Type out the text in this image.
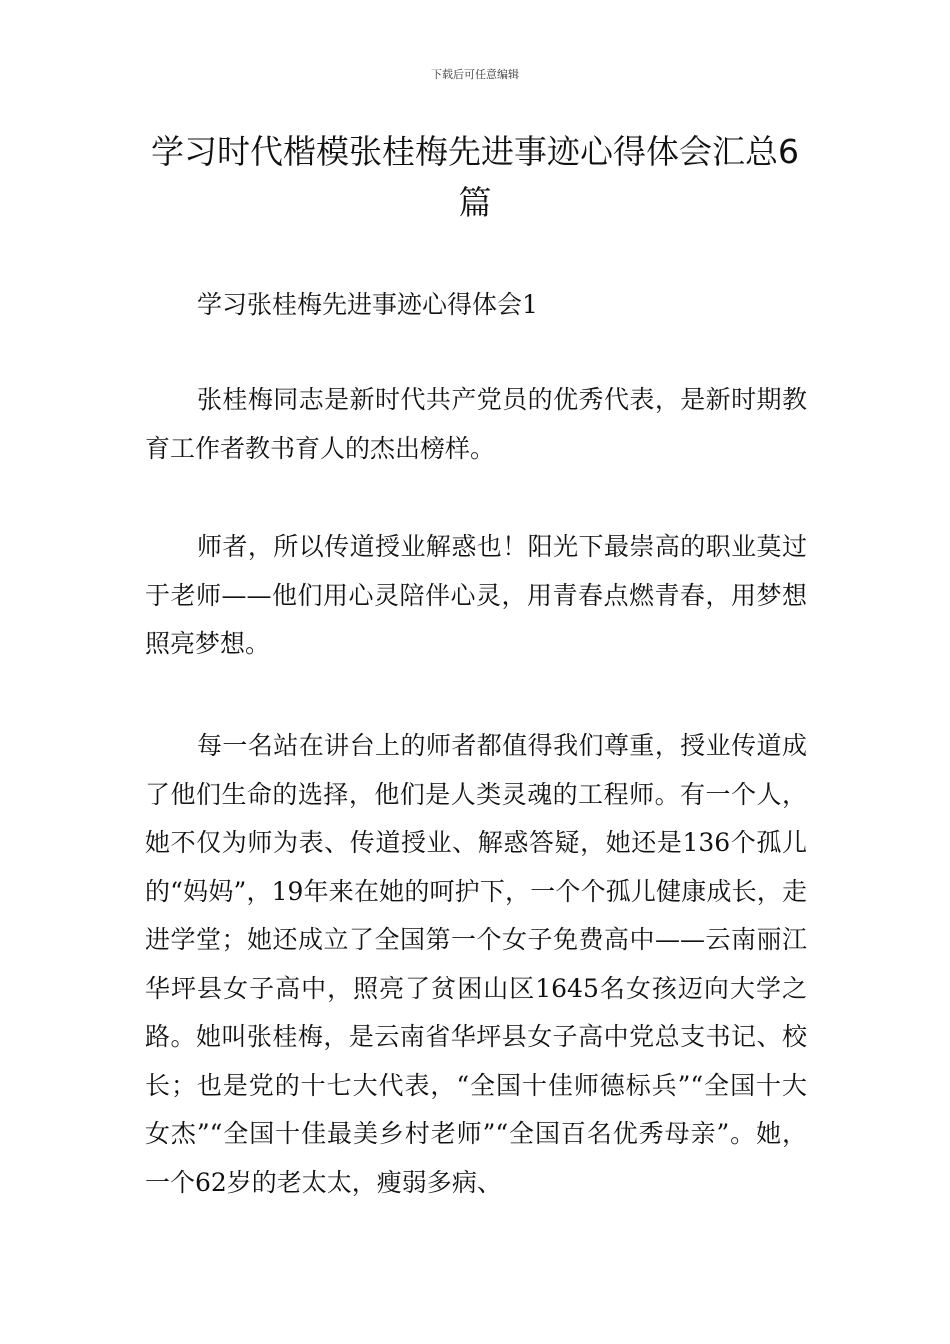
下载后可任意编辑
学习时代楷模张桂梅先进事迹心得体会汇总6篇

学习张桂梅先进事迹心得体会1

张桂梅同志是新时代共产党员的优秀代表，是新时期教育工作者教书育人的杰出榜样。

师者，所以传道授业解惑也！阳光下最崇高的职业莫过于老师——他们用心灵陪伴心灵，用青春点燃青春，用梦想照亮梦想。

每一名站在讲台上的师者都值得我们尊重，授业传道成了他们生命的选择，他们是人类灵魂的工程师。有一个人，她不仅为师为表、传道授业、解惑答疑，她还是136个孤儿的“妈妈”，19年来在她的呵护下，一个个孤儿健康成长，走进学堂；她还成立了全国第一个女子免费高中——云南丽江华坪县女子高中，照亮了贫困山区1645名女孩迈向大学之路。她叫张桂梅，是云南省华坪县女子高中党总支书记、校长；也是党的十七大代表，“全国十佳师德标兵”“全国十大女杰”“全国十佳最美乡村老师”“全国百名优秀母亲”。她，一个62岁的老太太，瘦弱多病、
